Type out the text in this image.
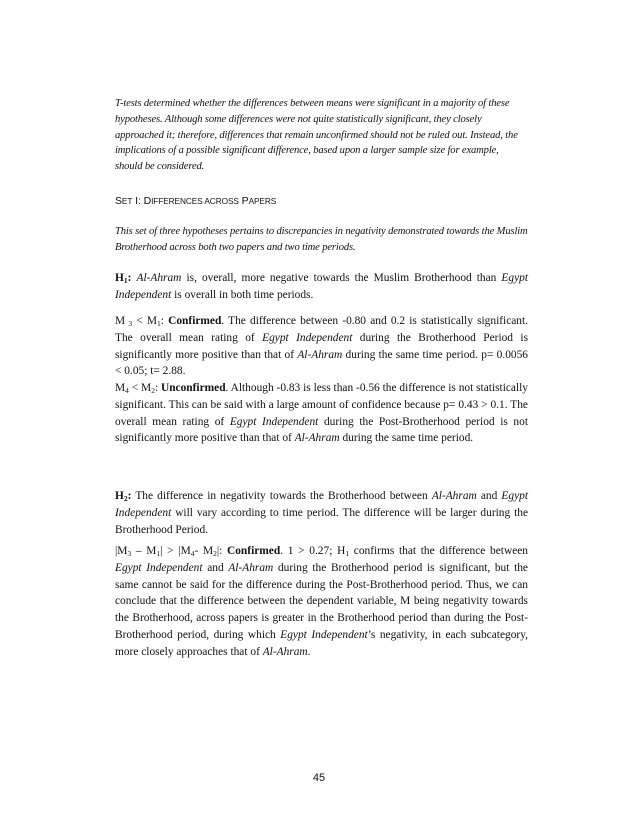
T-tests determined whether the differences between means were significant in a majority of these hypotheses. Although some differences were not quite statistically significant, they closely approached it; therefore, differences that remain unconfirmed should not be ruled out. Instead, the implications of a possible significant difference, based upon a larger sample size for example, should be considered.
SET I: DIFFERENCES ACROSS PAPERS
This set of three hypotheses pertains to discrepancies in negativity demonstrated towards the Muslim Brotherhood across both two papers and two time periods.
$H_1$: Al-Ahram is, overall, more negative towards the Muslim Brotherhood than Egypt Independent is overall in both time periods.
M $_3 < M_1$: Confirmed. The difference between -0.80 and 0.2 is statistically significant. The overall mean rating of Egypt Independent during the Brotherhood Period is significantly more positive than that of Al-Ahram during the same time period. p= 0.0056 < 0.05; t= 2.88.
$M_4 < M_2$: Unconfirmed. Although -0.83 is less than -0.56 the difference is not statistically significant. This can be said with a large amount of confidence because p= 0.43 > 0.1. The overall mean rating of Egypt Independent during the Post-Brotherhood period is not significantly more positive than that of Al-Ahram during the same time period.
$H_2$: The difference in negativity towards the Brotherhood between Al-Ahram and Egypt Independent will vary according to time period. The difference will be larger during the Brotherhood Period.
$|M_3 - M_1| > |M_4-$ $M_2|$: Confirmed. 1 > 0.27; $H_1$ confirms that the difference between Egypt Independent and Al-Ahram during the Brotherhood period is significant, but the same cannot be said for the difference during the Post-Brotherhood period. Thus, we can conclude that the difference between the dependent variable, M being negativity towards the Brotherhood, across papers is greater in the Brotherhood period than during the Post-Brotherhood period, during which Egypt Independent’s negativity, in each subcategory, more closely approaches that of Al-Ahram.
45
